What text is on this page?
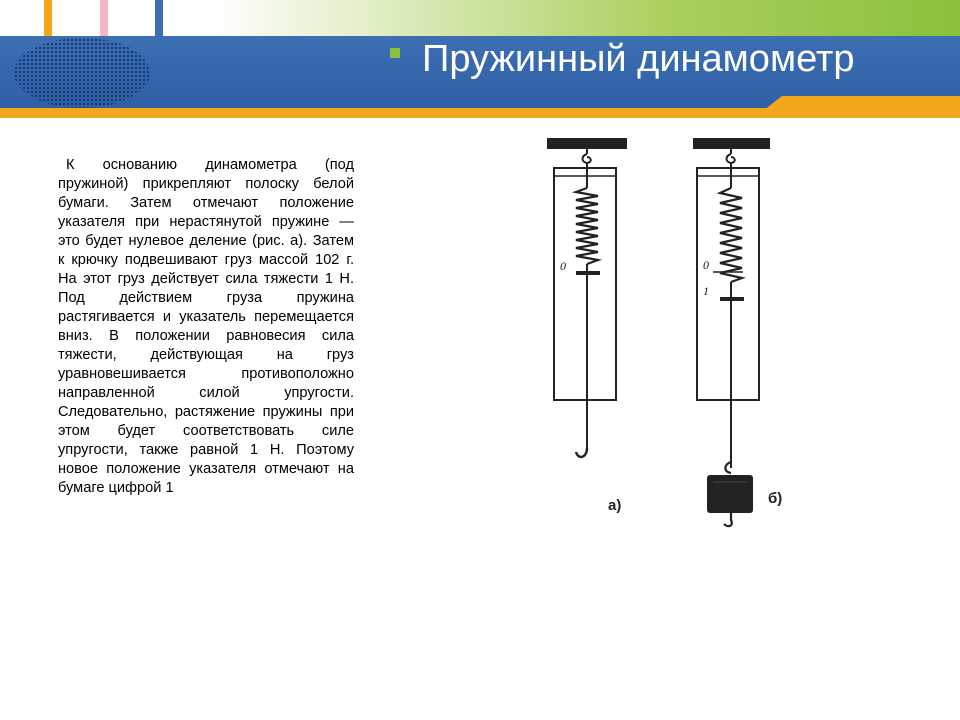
Пружинный динамометр
К основанию динамометра (под пружиной) прикрепляют полоску белой бумаги. Затем отмечают положение указателя при нерастянутой пружине — это будет нулевое деление (рис. а). Затем к крючку подвешивают груз массой 102 г. На этот груз действует сила тяжести 1 Н. Под действием груза пружина растягивается и указатель перемещается вниз. В положении равновесия сила тяжести, действующая на груз уравновешивается противоположно направленной силой упругости. Следовательно, растяжение пружины при этом будет соответствовать силе упругости, также равной 1 Н. Поэтому новое положение указателя отмечают на бумаге цифрой 1
0
а)
0
1
б)
